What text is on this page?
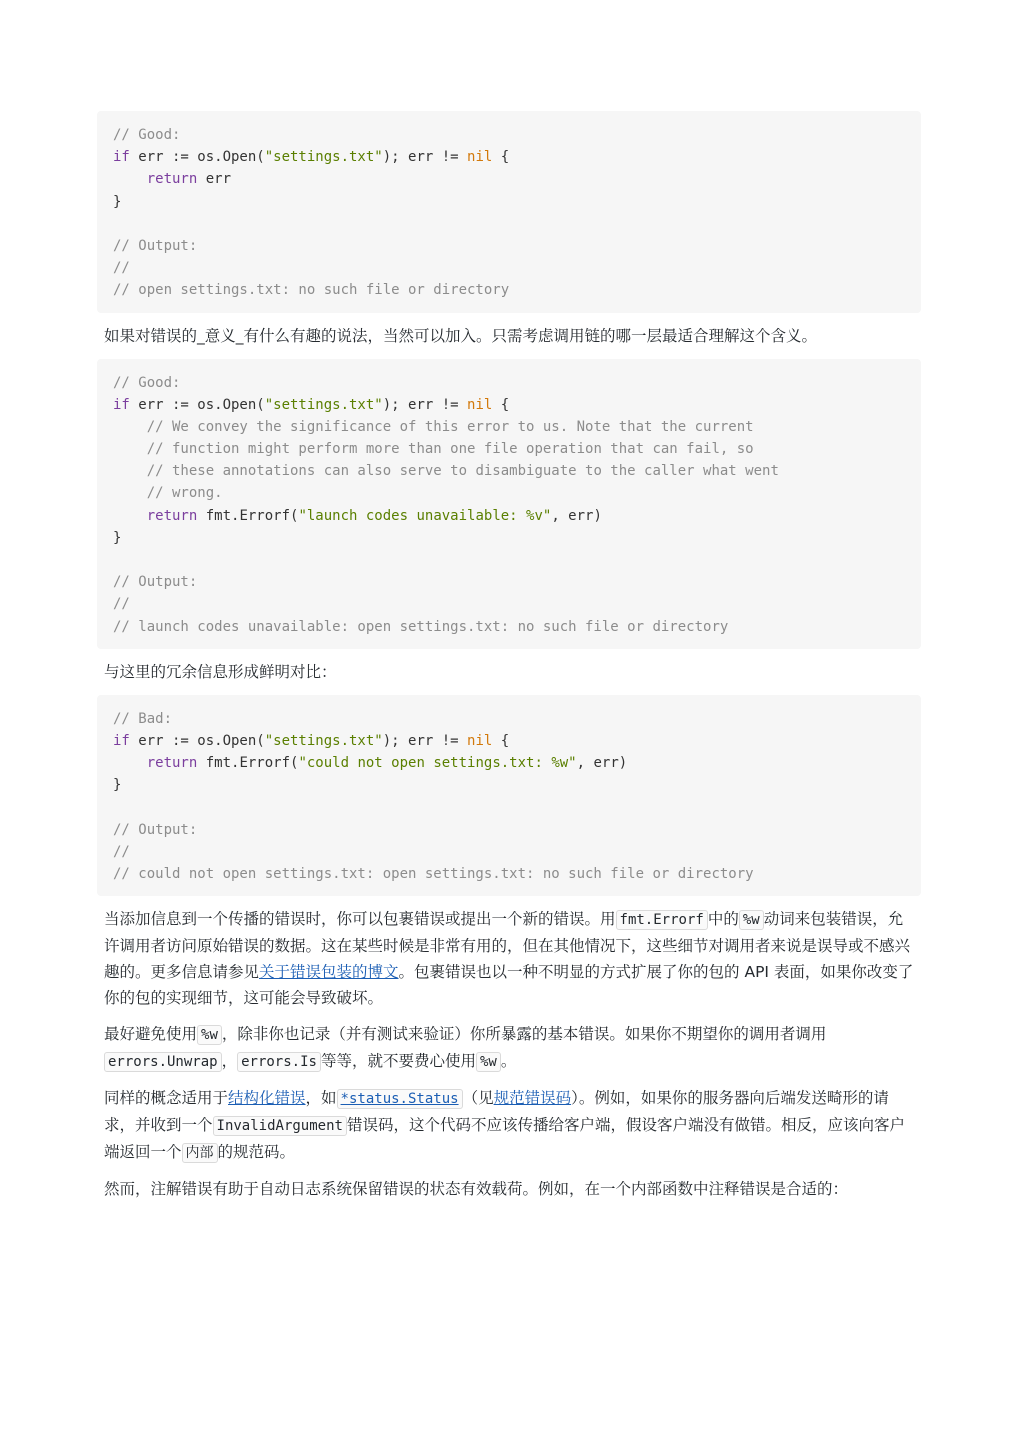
// Good:
if err := os.Open("settings.txt"); err != nil {
return err
}
// Output:
//
// open settings.txt: no such file or directory

如果对错误的_意义_有什么有趣的说法，当然可以加入。只需考虑调用链的哪一层最适合理解这个含义。

// Good:
if err := os.Open("settings.txt"); err != nil {
// We convey the significance of this error to us. Note that the current
// function might perform more than one file operation that can fail, so
// these annotations can also serve to disambiguate to the caller what went
// wrong.
return fmt.Errorf("launch codes unavailable: %v", err)
}
// Output:
//
// launch codes unavailable: open settings.txt: no such file or directory

与这里的冗余信息形成鲜明对比：

// Bad:
if err := os.Open("settings.txt"); err != nil {
return fmt.Errorf("could not open settings.txt: %w", err)
}
// Output:
//
// could not open settings.txt: open settings.txt: no such file or directory

当添加信息到一个传播的错误时，你可以包裹错误或提出一个新的错误。用 fmt.Errorf 中的 %w 动词来包装错误，允许调用者访问原始错误的数据。这在某些时候是非常有用的，但在其他情况下，这些细节对调用者来说是误导或不感兴趣的。更多信息请参见关于错误包装的博文。包裹错误也以一种不明显的方式扩展了你的包的 API 表面，如果你改变了你的包的实现细节，这可能会导致破坏。

最好避免使用 %w ，除非你也记录（并有测试来验证）你所暴露的基本错误。如果你不期望你的调用者调用errors.Unwrap ， errors.Is 等等，就不要费心使用 %w 。

同样的概念适用于结构化错误，如 *status.Status （见规范错误码）。例如，如果你的服务器向后端发送畸形的请求，并收到一个 InvalidArgument 错误码，这个代码不应该传播给客户端，假设客户端没有做错。相反，应该向客户端返回一个 内部 的规范码。

然而，注解错误有助于自动日志系统保留错误的状态有效载荷。例如，在一个内部函数中注释错误是合适的：
